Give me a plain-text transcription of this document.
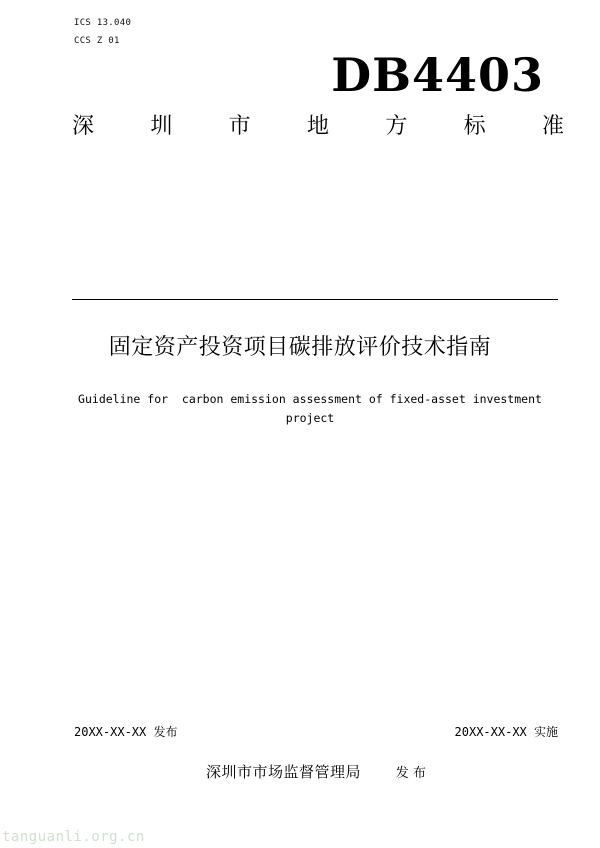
ICS 13.040
CCS Z 01
DB4403
深	圳	市	地	方	标	准
固定资产投资项目碳排放评价技术指南
Guideline for  carbon emission assessment of fixed-asset investment
project
20XX-XX-XX 发布	20XX-XX-XX 实施
深圳市市场监督管理局	发 布
tanguanli.org.cn
